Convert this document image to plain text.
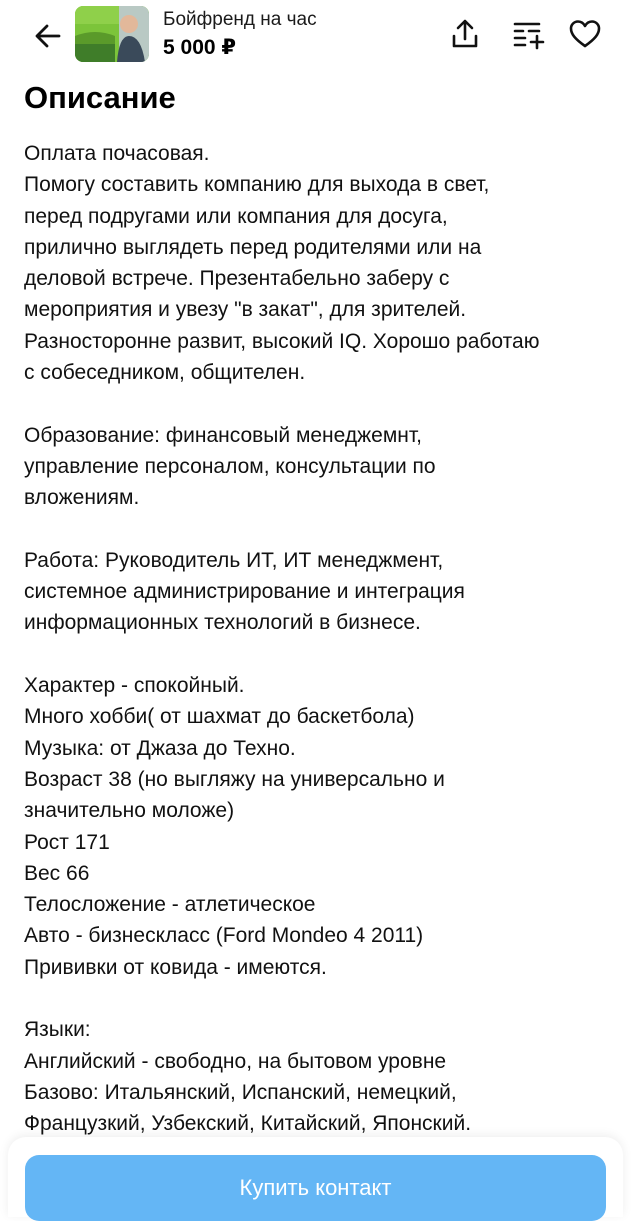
Бойфренд на час
5 000 ₽
Описание
Оплата почасовая.
Помогу составить компанию для выхода в свет,
перед подругами или компания для досуга,
прилично выглядеть перед родителями или на
деловой встрече. Презентабельно заберу с
мероприятия и увезу "в закат", для зрителей.
Разносторонне развит, высокий IQ. Хорошо работаю
с собеседником, общителен.
Образование: финансовый менеджемнт,
управление персоналом, консультации по
вложениям.
Работа: Руководитель ИТ, ИТ менеджмент,
системное администрирование и интеграция
информационных технологий в бизнесе.
Характер - спокойный.
Много хобби( от шахмат до баскетбола)
Музыка: от Джаза до Техно.
Возраст 38 (но выгляжу на универсально и
значительно моложе)
Рост 171
Вес 66
Телосложение - атлетическое
Авто - бизнескласс (Ford Mondeo 4 2011)
Прививки от ковида - имеются.
Языки:
Английский - свободно, на бытовом уровне
Базово: Итальянский, Испанский, немецкий,
Французкий, Узбекский, Китайский, Японский.
Купить контакт
